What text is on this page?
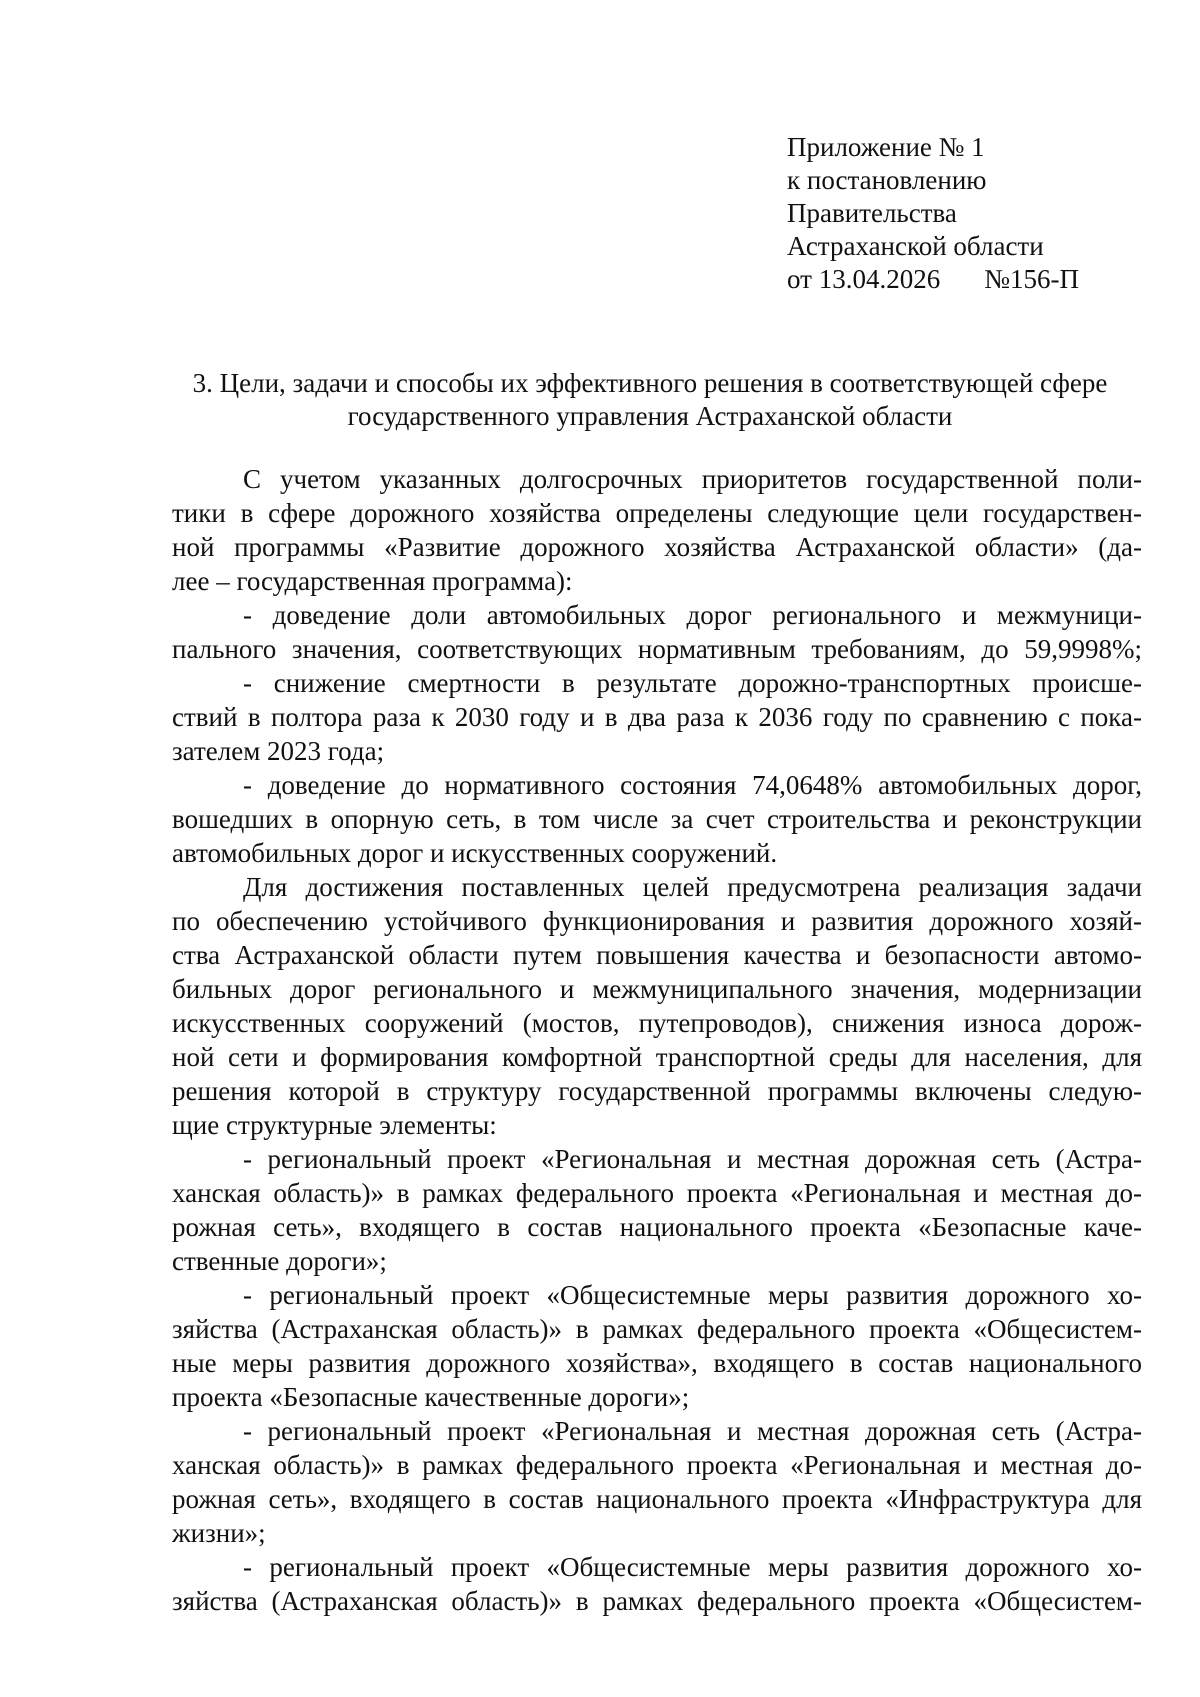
Приложение № 1
к постановлению
Правительства
Астраханской области
от 13.04.2026 №156-П
3. Цели, задачи и способы их эффективного решения в соответствующей сфере
государственного управления Астраханской области
С учетом указанных долгосрочных приоритетов государственной поли-
тики в сфере дорожного хозяйства определены следующие цели государствен-
ной программы «Развитие дорожного хозяйства Астраханской области» (да-
лее – государственная программа):
- доведение доли автомобильных дорог регионального и межмуници-
пального значения, соответствующих нормативным требованиям, до 59,9998%;
- снижение смертности в результате дорожно-транспортных происше-
ствий в полтора раза к 2030 году и в два раза к 2036 году по сравнению с пока-
зателем 2023 года;
- доведение до нормативного состояния 74,0648% автомобильных дорог,
вошедших в опорную сеть, в том числе за счет строительства и реконструкции
автомобильных дорог и искусственных сооружений.
Для достижения поставленных целей предусмотрена реализация задачи
по обеспечению устойчивого функционирования и развития дорожного хозяй-
ства Астраханской области путем повышения качества и безопасности автомо-
бильных дорог регионального и межмуниципального значения, модернизации
искусственных сооружений (мостов, путепроводов), снижения износа дорож-
ной сети и формирования комфортной транспортной среды для населения, для
решения которой в структуру государственной программы включены следую-
щие структурные элементы:
- региональный проект «Региональная и местная дорожная сеть (Астра-
ханская область)» в рамках федерального проекта «Региональная и местная до-
рожная сеть», входящего в состав национального проекта «Безопасные каче-
ственные дороги»;
- региональный проект «Общесистемные меры развития дорожного хо-
зяйства (Астраханская область)» в рамках федерального проекта «Общесистем-
ные меры развития дорожного хозяйства», входящего в состав национального
проекта «Безопасные качественные дороги»;
- региональный проект «Региональная и местная дорожная сеть (Астра-
ханская область)» в рамках федерального проекта «Региональная и местная до-
рожная сеть», входящего в состав национального проекта «Инфраструктура для
жизни»;
- региональный проект «Общесистемные меры развития дорожного хо-
зяйства (Астраханская область)» в рамках федерального проекта «Общесистем-
